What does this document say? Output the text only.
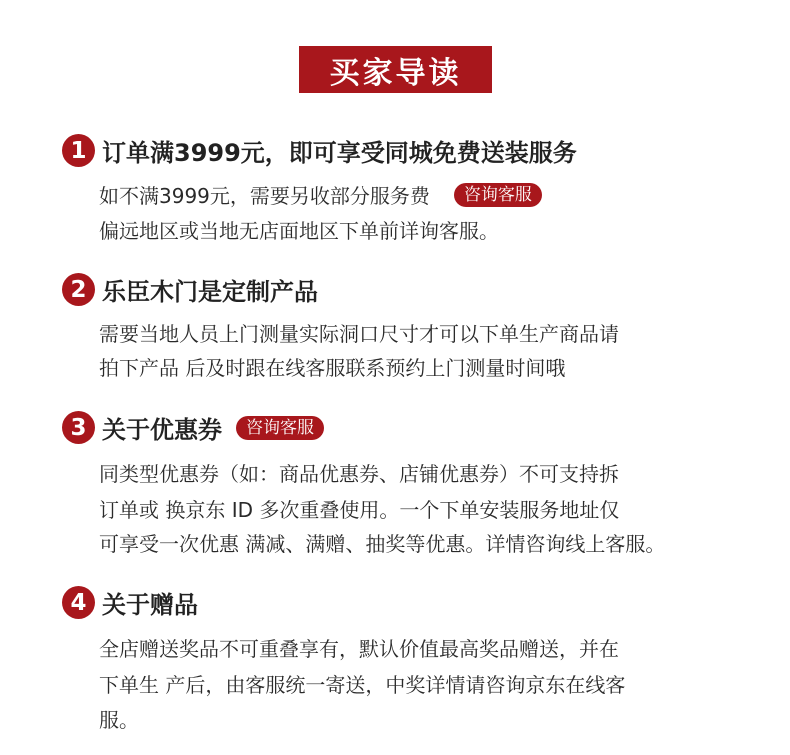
买家导读
1 订单满3999元，即可享受同城免费送装服务
如不满3999元，需要另收部分服务费	咨询客服
偏远地区或当地无店面地区下单前详询客服。
2 乐臣木门是定制产品
需要当地人员上门测量实际洞口尺寸才可以下单生产商品请
拍下产品 后及时跟在线客服联系预约上门测量时间哦
3 关于优惠券	咨询客服
同类型优惠券（如：商品优惠券、店铺优惠券）不可支持拆
订单或 换京东 ID 多次重叠使用。一个下单安装服务地址仅
可享受一次优惠 满减、满赠、抽奖等优惠。详情咨询线上客服。
4 关于赠品
全店赠送奖品不可重叠享有，默认价值最高奖品赠送，并在
下单生 产后，由客服统一寄送，中奖详情请咨询京东在线客
服。
